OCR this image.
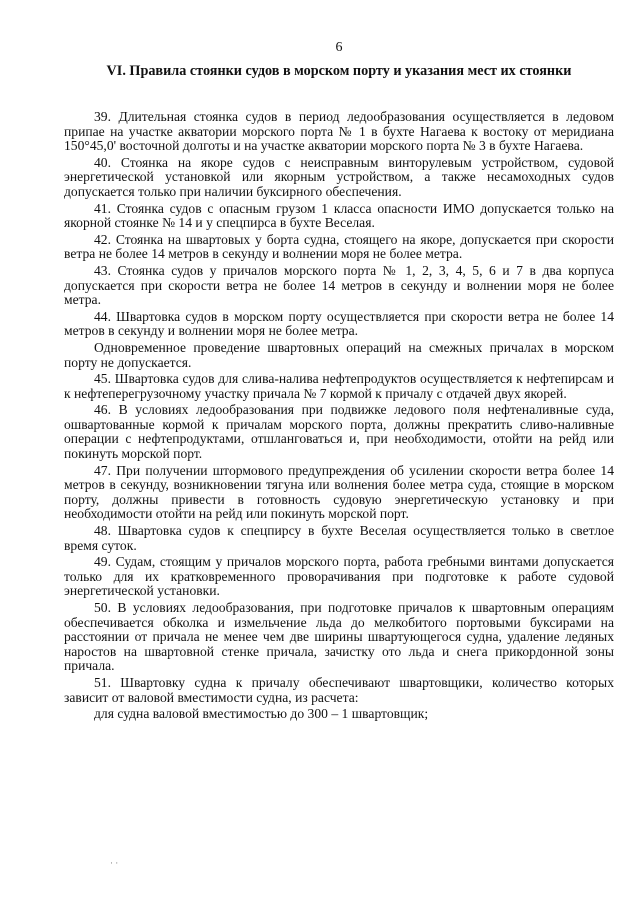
6
VI. Правила стоянки судов в морском порту и указания мест их стоянки

39. Длительная стоянка судов в период ледообразования осуществляется в ледовом припае на участке акватории морского порта № 1 в бухте Нагаева к востоку от меридиана 150°45,0' восточной долготы и на участке акватории морского порта № 3 в бухте Нагаева.

40. Стоянка на якоре судов с неисправным винторулевым устройством, судовой энергетической установкой или якорным устройством, а также несамоходных судов допускается только при наличии буксирного обеспечения.

41. Стоянка судов с опасным грузом 1 класса опасности ИМО допускается только на якорной стоянке № 14 и у спецпирса в бухте Веселая.

42. Стоянка на швартовых у борта судна, стоящего на якоре, допускается при скорости ветра не более 14 метров в секунду и волнении моря не более метра.

43. Стоянка судов у причалов морского порта № 1, 2, 3, 4, 5, 6 и 7 в два корпуса допускается при скорости ветра не более 14 метров в секунду и волнении моря не более метра.

44. Швартовка судов в морском порту осуществляется при скорости ветра не более 14 метров в секунду и волнении моря не более метра.

Одновременное проведение швартовных операций на смежных причалах в морском порту не допускается.

45. Швартовка судов для слива-налива нефтепродуктов осуществляется к нефтепирсам и к нефтеперегрузочному участку причала № 7 кормой к причалу с отдачей двух якорей.

46. В условиях ледообразования при подвижке ледового поля нефтеналивные суда, ошвартованные кормой к причалам морского порта, должны прекратить сливо-наливные операции с нефтепродуктами, отшланговаться и, при необходимости, отойти на рейд или покинуть морской порт.

47. При получении штормового предупреждения об усилении скорости ветра более 14 метров в секунду, возникновении тягуна или волнения более метра суда, стоящие в морском порту, должны привести в готовность судовую энергетическую установку и при необходимости отойти на рейд или покинуть морской порт.

48. Швартовка судов к спецпирсу в бухте Веселая осуществляется только в светлое время суток.

49. Судам, стоящим у причалов морского порта, работа гребными винтами допускается только для их кратковременного проворачивания при подготовке к работе судовой энергетической установки.

50. В условиях ледообразования, при подготовке причалов к швартовным операциям обеспечивается обколка и измельчение льда до мелкобитого портовыми буксирами на расстоянии от причала не менее чем две ширины швартующегося судна, удаление ледяных наростов на швартовной стенке причала, зачистку ото льда и снега прикордонной зоны причала.

51. Швартовку судна к причалу обеспечивают швартовщики, количество которых зависит от валовой вместимости судна, из расчета:

для судна валовой вместимостью до 300 – 1 швартовщик;

· ·
